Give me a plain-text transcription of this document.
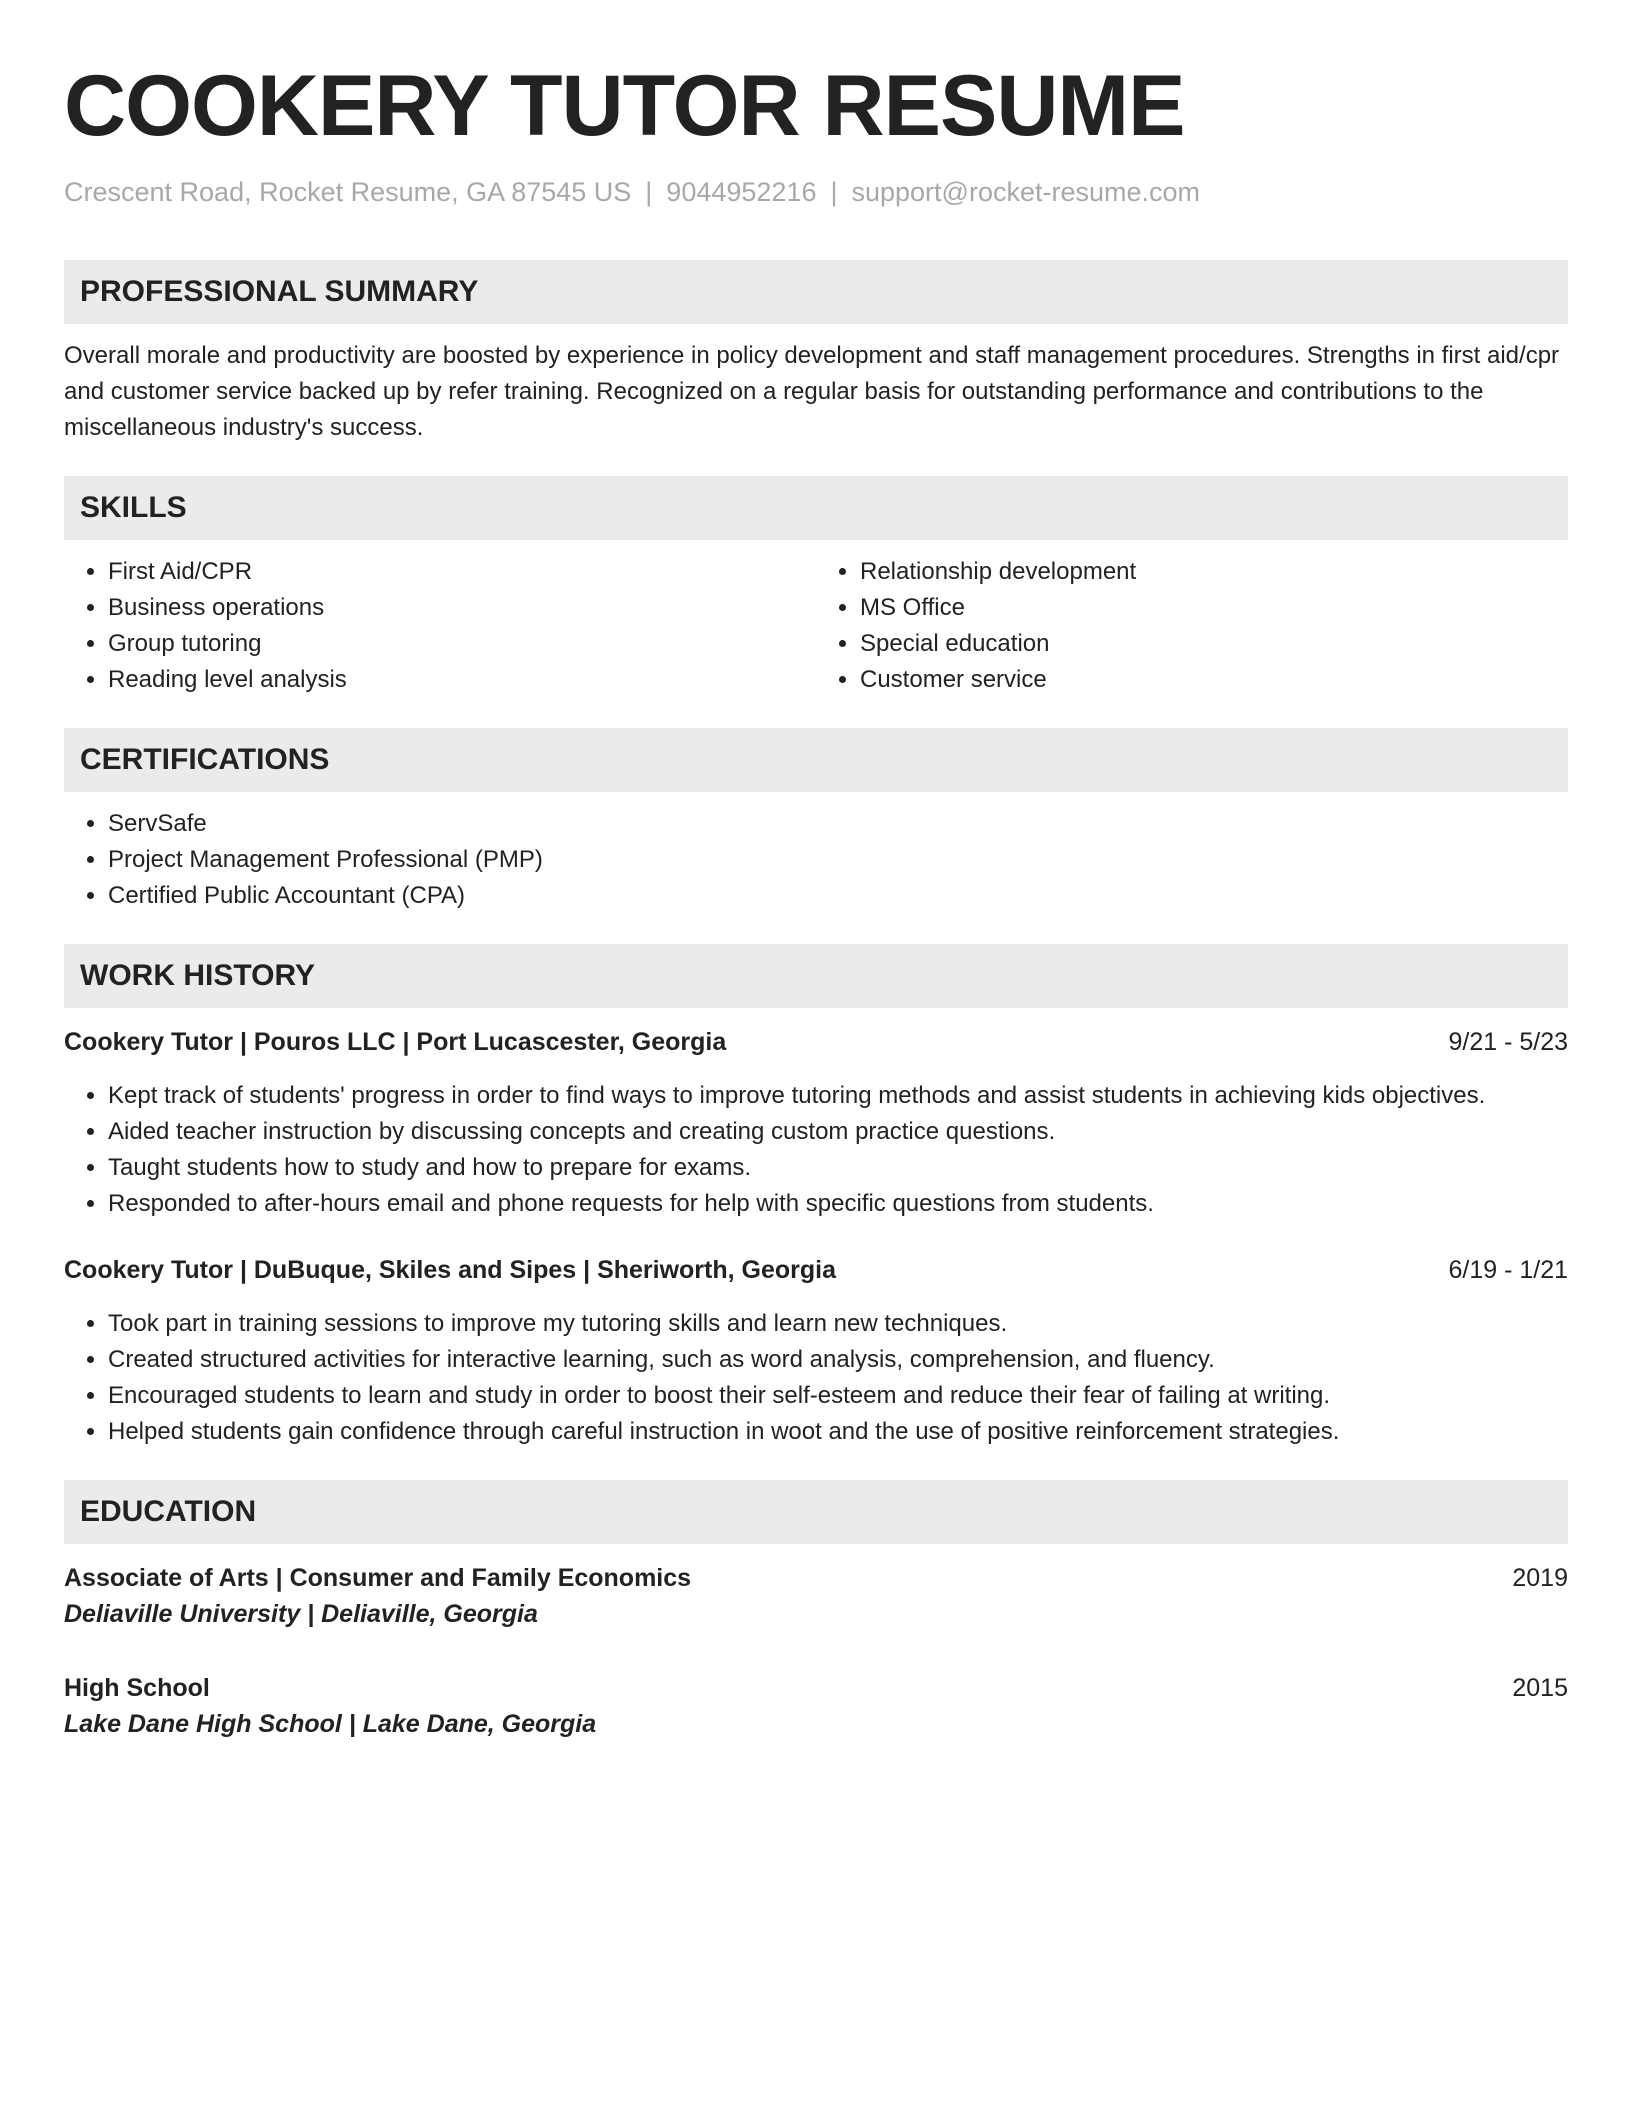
COOKERY TUTOR RESUME
Crescent Road, Rocket Resume, GA 87545 US | 9044952216 | support@rocket-resume.com
PROFESSIONAL SUMMARY
Overall morale and productivity are boosted by experience in policy development and staff management procedures. Strengths in first aid/cpr and customer service backed up by refer training. Recognized on a regular basis for outstanding performance and contributions to the miscellaneous industry's success.
SKILLS
• First Aid/CPR
• Business operations
• Group tutoring
• Reading level analysis
• Relationship development
• MS Office
• Special education
• Customer service
CERTIFICATIONS
• ServSafe
• Project Management Professional (PMP)
• Certified Public Accountant (CPA)
WORK HISTORY
Cookery Tutor | Pouros LLC | Port Lucascester, Georgia	9/21 - 5/23
• Kept track of students' progress in order to find ways to improve tutoring methods and assist students in achieving kids objectives.
• Aided teacher instruction by discussing concepts and creating custom practice questions.
• Taught students how to study and how to prepare for exams.
• Responded to after-hours email and phone requests for help with specific questions from students.
Cookery Tutor | DuBuque, Skiles and Sipes | Sheriworth, Georgia	6/19 - 1/21
• Took part in training sessions to improve my tutoring skills and learn new techniques.
• Created structured activities for interactive learning, such as word analysis, comprehension, and fluency.
• Encouraged students to learn and study in order to boost their self-esteem and reduce their fear of failing at writing.
• Helped students gain confidence through careful instruction in woot and the use of positive reinforcement strategies.
EDUCATION
Associate of Arts | Consumer and Family Economics	2019
Deliaville University | Deliaville, Georgia
High School	2015
Lake Dane High School | Lake Dane, Georgia
